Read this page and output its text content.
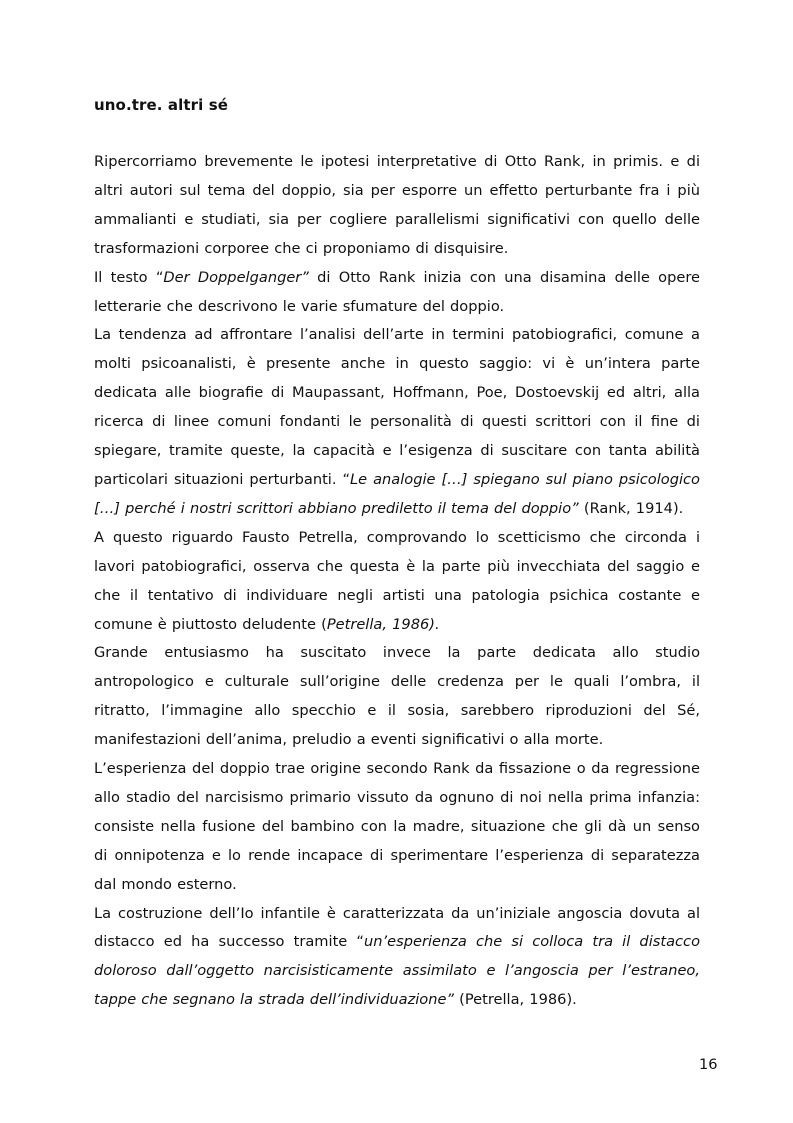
uno.tre. altri sé

Ripercorriamo brevemente le ipotesi interpretative di Otto Rank, in primis. e di altri autori sul tema del doppio, sia per esporre un effetto perturbante fra i più ammalianti e studiati, sia per cogliere parallelismi significativi con quello delle trasformazioni corporee che ci proponiamo di disquisire.

Il testo “Der Doppelganger” di Otto Rank inizia con una disamina delle opere letterarie che descrivono le varie sfumature del doppio.

La tendenza ad affrontare l’analisi dell’arte in termini patobiografici, comune a molti psicoanalisti, è presente anche in questo saggio: vi è un’intera parte dedicata alle biografie di Maupassant, Hoffmann, Poe, Dostoevskij ed altri, alla ricerca di linee comuni fondanti le personalità di questi scrittori con il fine di spiegare, tramite queste, la capacità e l’esigenza di suscitare con tanta abilità particolari situazioni perturbanti. “Le analogie […] spiegano sul piano psicologico […] perché i nostri scrittori abbiano prediletto il tema del doppio” (Rank, 1914).

A questo riguardo Fausto Petrella, comprovando lo scetticismo che circonda i lavori patobiografici, osserva che questa è la parte più invecchiata del saggio e che il tentativo di individuare negli artisti una patologia psichica costante e comune è piuttosto deludente (Petrella, 1986).

Grande entusiasmo ha suscitato invece la parte dedicata allo studio antropologico e culturale sull’origine delle credenza per le quali l’ombra, il ritratto, l’immagine allo specchio e il sosia, sarebbero riproduzioni del Sé, manifestazioni dell’anima, preludio a eventi significativi o alla morte.

L’esperienza del doppio trae origine secondo Rank da fissazione o da regressione allo stadio del narcisismo primario vissuto da ognuno di noi nella prima infanzia: consiste nella fusione del bambino con la madre, situazione che gli dà un senso di onnipotenza e lo rende incapace di sperimentare l’esperienza di separatezza dal mondo esterno.

La costruzione dell’Io infantile è caratterizzata da un’iniziale angoscia dovuta al distacco ed ha successo tramite “un’esperienza che si colloca tra il distacco doloroso dall’oggetto narcisisticamente assimilato e l’angoscia per l’estraneo, tappe che segnano la strada dell’individuazione” (Petrella, 1986).

16
